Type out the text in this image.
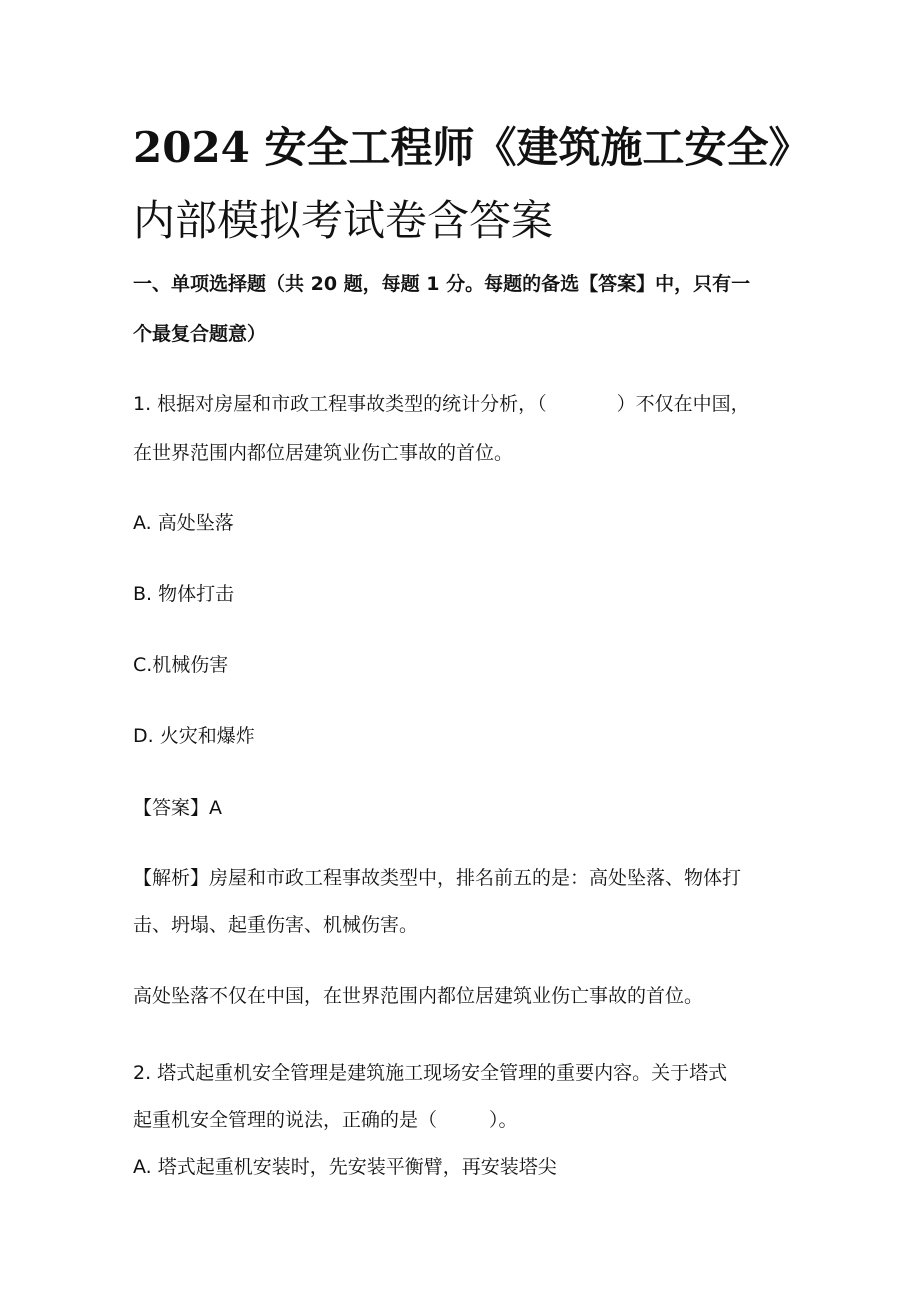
2024 安全工程师《建筑施工安全》
内部模拟考试卷含答案
一、单项选择题（共 20 题，每题 1 分。每题的备选【答案】中，只有一
个最复合题意）
1. 根据对房屋和市政工程事故类型的统计分析，（	）不仅在中国，
在世界范围内都位居建筑业伤亡事故的首位。
A. 高处坠落
B. 物体打击
C.机械伤害
D. 火灾和爆炸
【答案】A
【解析】房屋和市政工程事故类型中，排名前五的是：高处坠落、物体打
击、坍塌、起重伤害、机械伤害。
高处坠落不仅在中国，在世界范围内都位居建筑业伤亡事故的首位。
2. 塔式起重机安全管理是建筑施工现场安全管理的重要内容。关于塔式
起重机安全管理的说法，正确的是（	）。
A. 塔式起重机安装时，先安装平衡臂，再安装塔尖
